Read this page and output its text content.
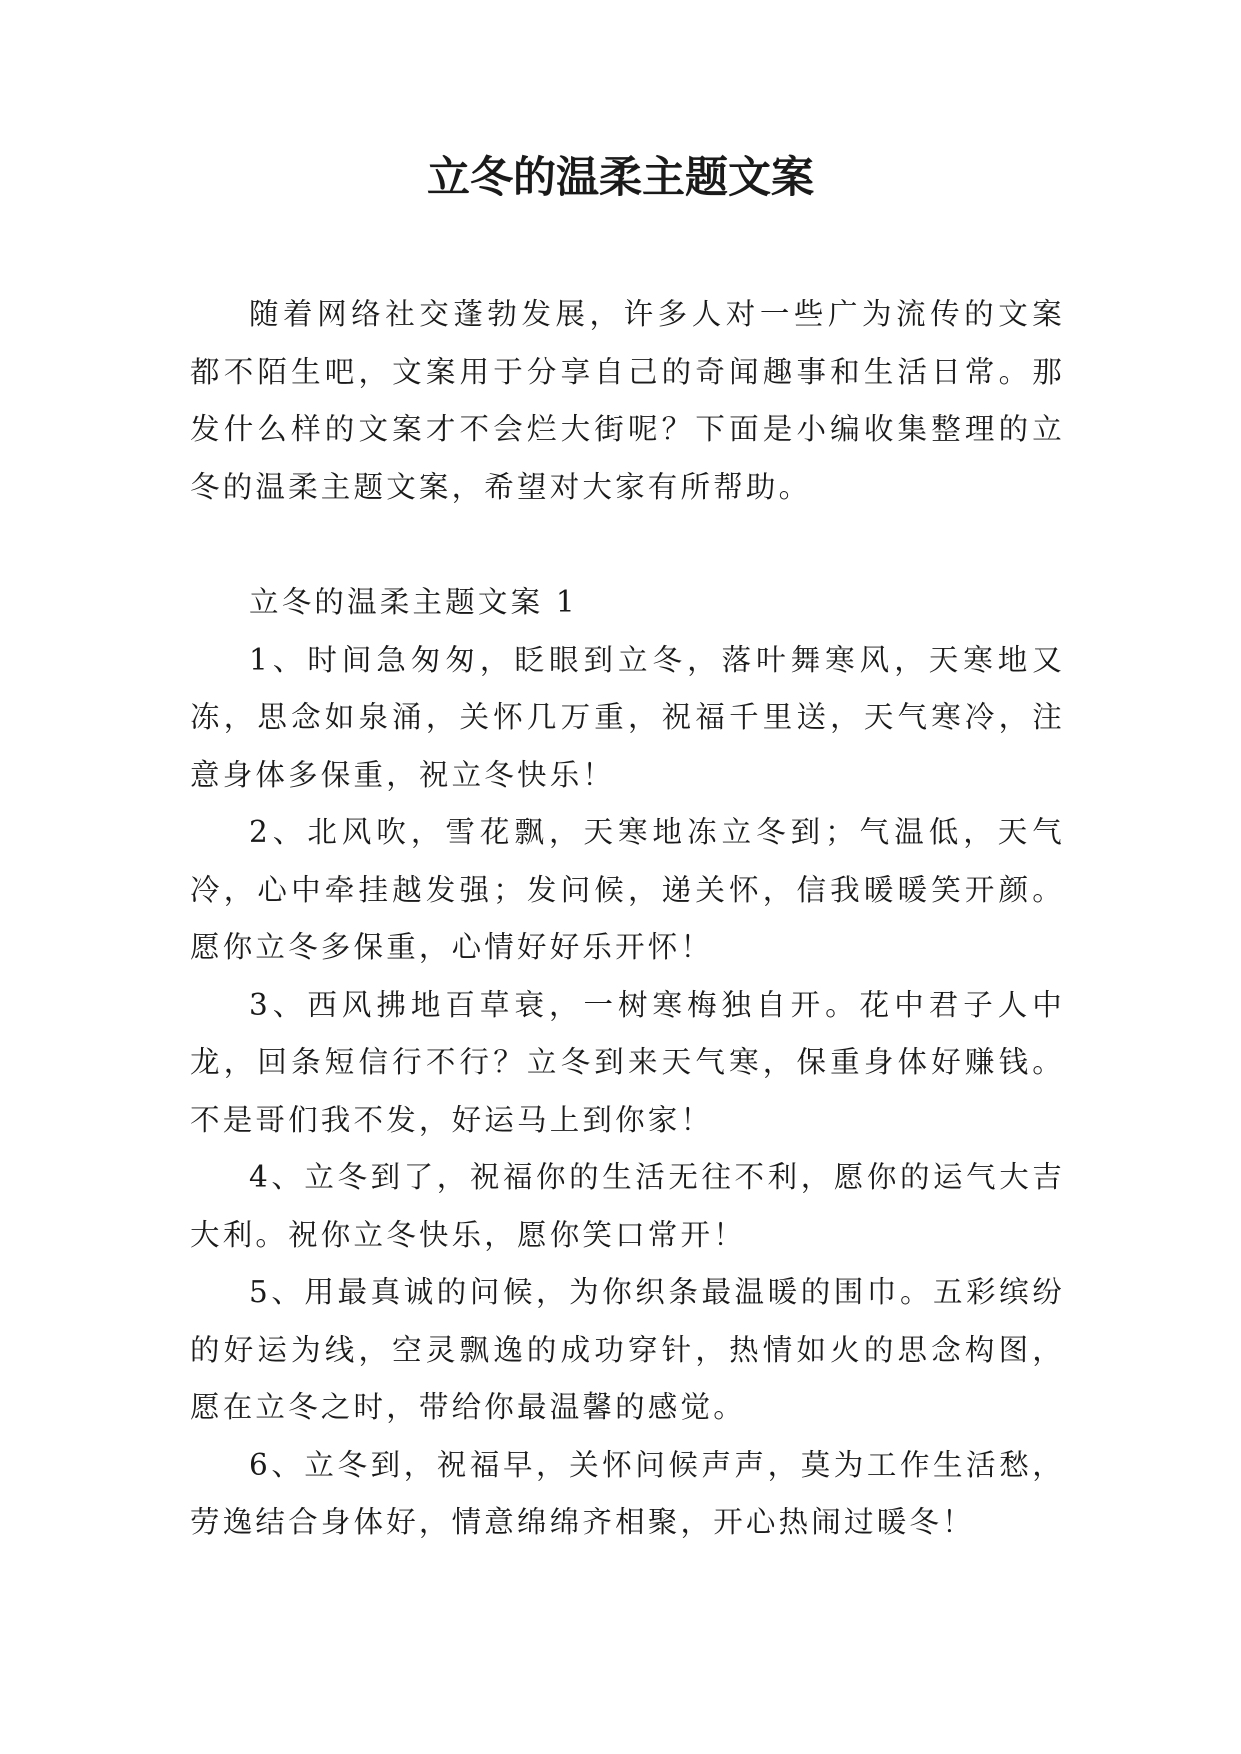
立冬的温柔主题文案

随着网络社交蓬勃发展，许多人对一些广为流传的文案都不陌生吧，文案用于分享自己的奇闻趣事和生活日常。那发什么样的文案才不会烂大街呢？下面是小编收集整理的立冬的温柔主题文案，希望对大家有所帮助。

立冬的温柔主题文案 1

1、时间急匆匆，眨眼到立冬，落叶舞寒风，天寒地又冻，思念如泉涌，关怀几万重，祝福千里送，天气寒冷，注意身体多保重，祝立冬快乐！

2、北风吹，雪花飘，天寒地冻立冬到；气温低，天气冷，心中牵挂越发强；发问候，递关怀，信我暖暖笑开颜。愿你立冬多保重，心情好好乐开怀！

3、西风拂地百草衰，一树寒梅独自开。花中君子人中龙，回条短信行不行？立冬到来天气寒，保重身体好赚钱。不是哥们我不发，好运马上到你家！

4、立冬到了，祝福你的生活无往不利，愿你的运气大吉大利。祝你立冬快乐，愿你笑口常开！

5、用最真诚的问候，为你织条最温暖的围巾。五彩缤纷的好运为线，空灵飘逸的成功穿针，热情如火的思念构图，愿在立冬之时，带给你最温馨的感觉。

6、立冬到，祝福早，关怀问候声声，莫为工作生活愁，劳逸结合身体好，情意绵绵齐相聚，开心热闹过暖冬！
